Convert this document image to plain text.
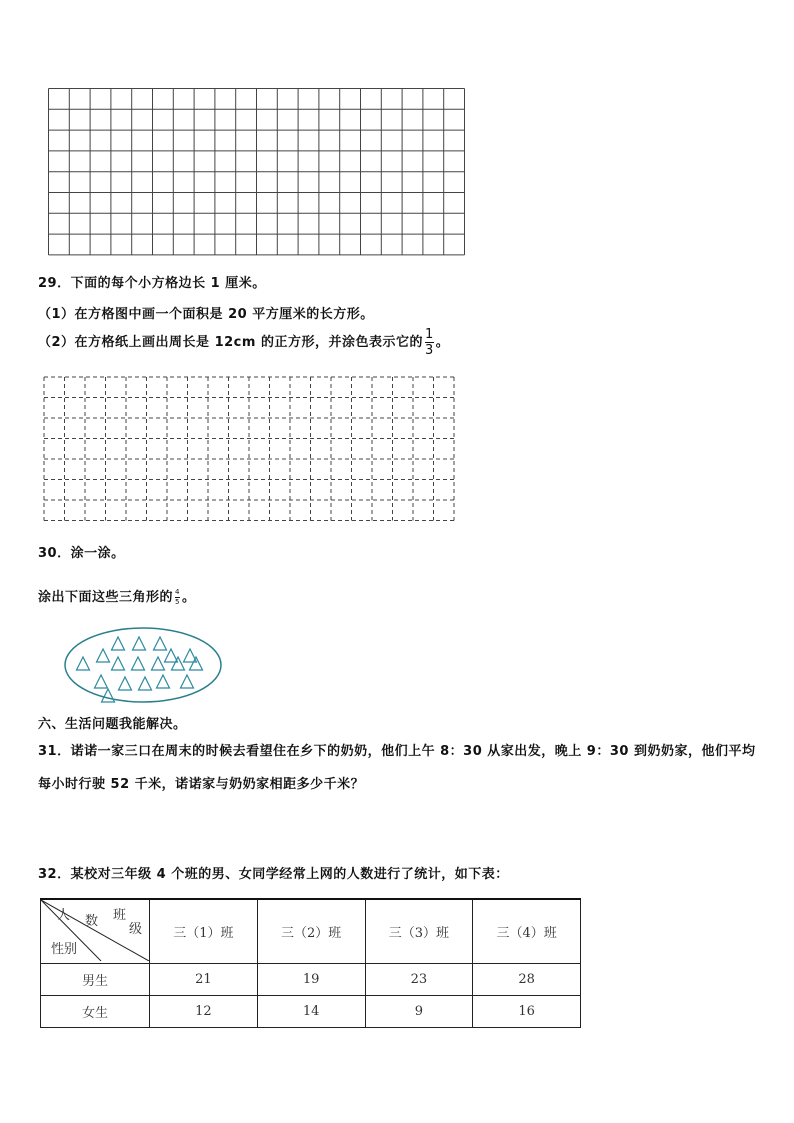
29．下面的每个小方格边长 1 厘米。
（1）在方格图中画一个面积是 20 平方厘米的长方形。
（2）在方格纸上画出周长是 12cm 的正方形，并涂色表示它的 $\frac{1}{3}$ 。
30．涂一涂。
涂出下面这些三角形的 $\frac{4}{5}$ 。
六、生活问题我能解决。
31．诺诺一家三口在周末的时候去看望住在乡下的奶奶，他们上午 8：30 从家出发，晚上 9：30 到奶奶家，他们平均
每小时行驶 52 千米，诺诺家与奶奶家相距多少千米？
32．某校对三年级 4 个班的男、女同学经常上网的人数进行了统计，如下表：
人 数 班
级
性别	三（1）班	三（2）班	三（3）班	三（4）班
男生	21	19	23	28
女生	12	14	9	16
